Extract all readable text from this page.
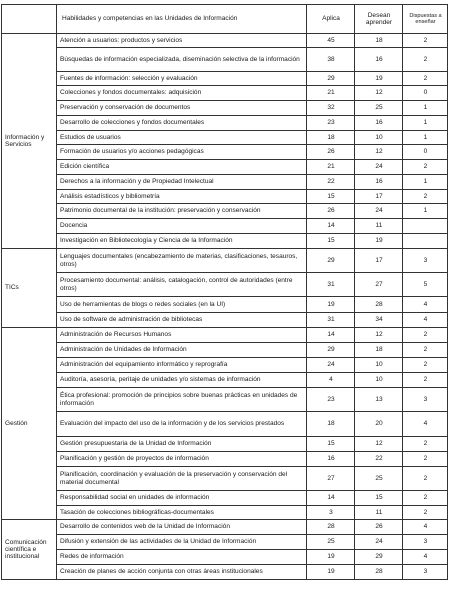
	Habilidades y competencias en las Unidades de Información	Aplica	Desean aprender	Dispuestas a enseñar
Información y Servicios	Atención a usuarios: productos y servicios	45	18	2
	Búsquedas de información especializada, diseminación selectiva de la información	38	16	2
	Fuentes de información: selección y evaluación	29	19	2
	Colecciones y fondos documentales: adquisición	21	12	0
	Preservación y conservación de documentos	32	25	1
	Desarrollo de colecciones y fondos documentales	23	16	1
	Estudios de usuarios	18	10	1
	Formación de usuarios y/o acciones pedagógicas	26	12	0
	Edición científica	21	24	2
	Derechos a la información y de Propiedad Intelectual	22	16	1
	Análisis estadísticos y bibliometría	15	17	2
	Patrimonio documental de la institución: preservación y conservación	26	24	1
	Docencia	14	11	
	Investigación en Bibliotecología y Ciencia de la Información	15	19	
TICs	Lenguajes documentales (encabezamiento de materias, clasificaciones, tesauros, otros)	29	17	3
	Procesamiento documental: análisis, catalogación, control de autoridades (entre otros)	31	27	5
	Uso de herramientas de blogs o redes sociales (en la UI)	19	28	4
	Uso de software de administración de bibliotecas	31	34	4
Gestión	Administración de Recursos Humanos	14	12	2
	Administración de Unidades de Información	29	18	2
	Administración del equipamiento informático y reprografía	24	10	2
	Auditoría, asesoría, peritaje de unidades y/o sistemas de información	4	10	2
	Ética profesional: promoción de principios sobre buenas prácticas en unidades de información	23	13	3
	Evaluación del impacto del uso de la información y de los servicios prestados	18	20	4
	Gestión presupuestaria de la Unidad de Información	15	12	2
	Planificación y gestión de proyectos de información	16	22	2
	Planificación, coordinación y evaluación de la preservación y conservación del material documental	27	25	2
	Responsabilidad social en unidades de información	14	15	2
	Tasación de colecciones bibliográficas-documentales	3	11	2
Comunicación científica e institucional	Desarrollo de contenidos web de la Unidad de Información	28	26	4
	Difusión y extensión de las actividades de la Unidad de Información	25	24	3
	Redes de información	19	29	4
	Creación de planes de acción conjunta con otras áreas institucionales	19	28	3
